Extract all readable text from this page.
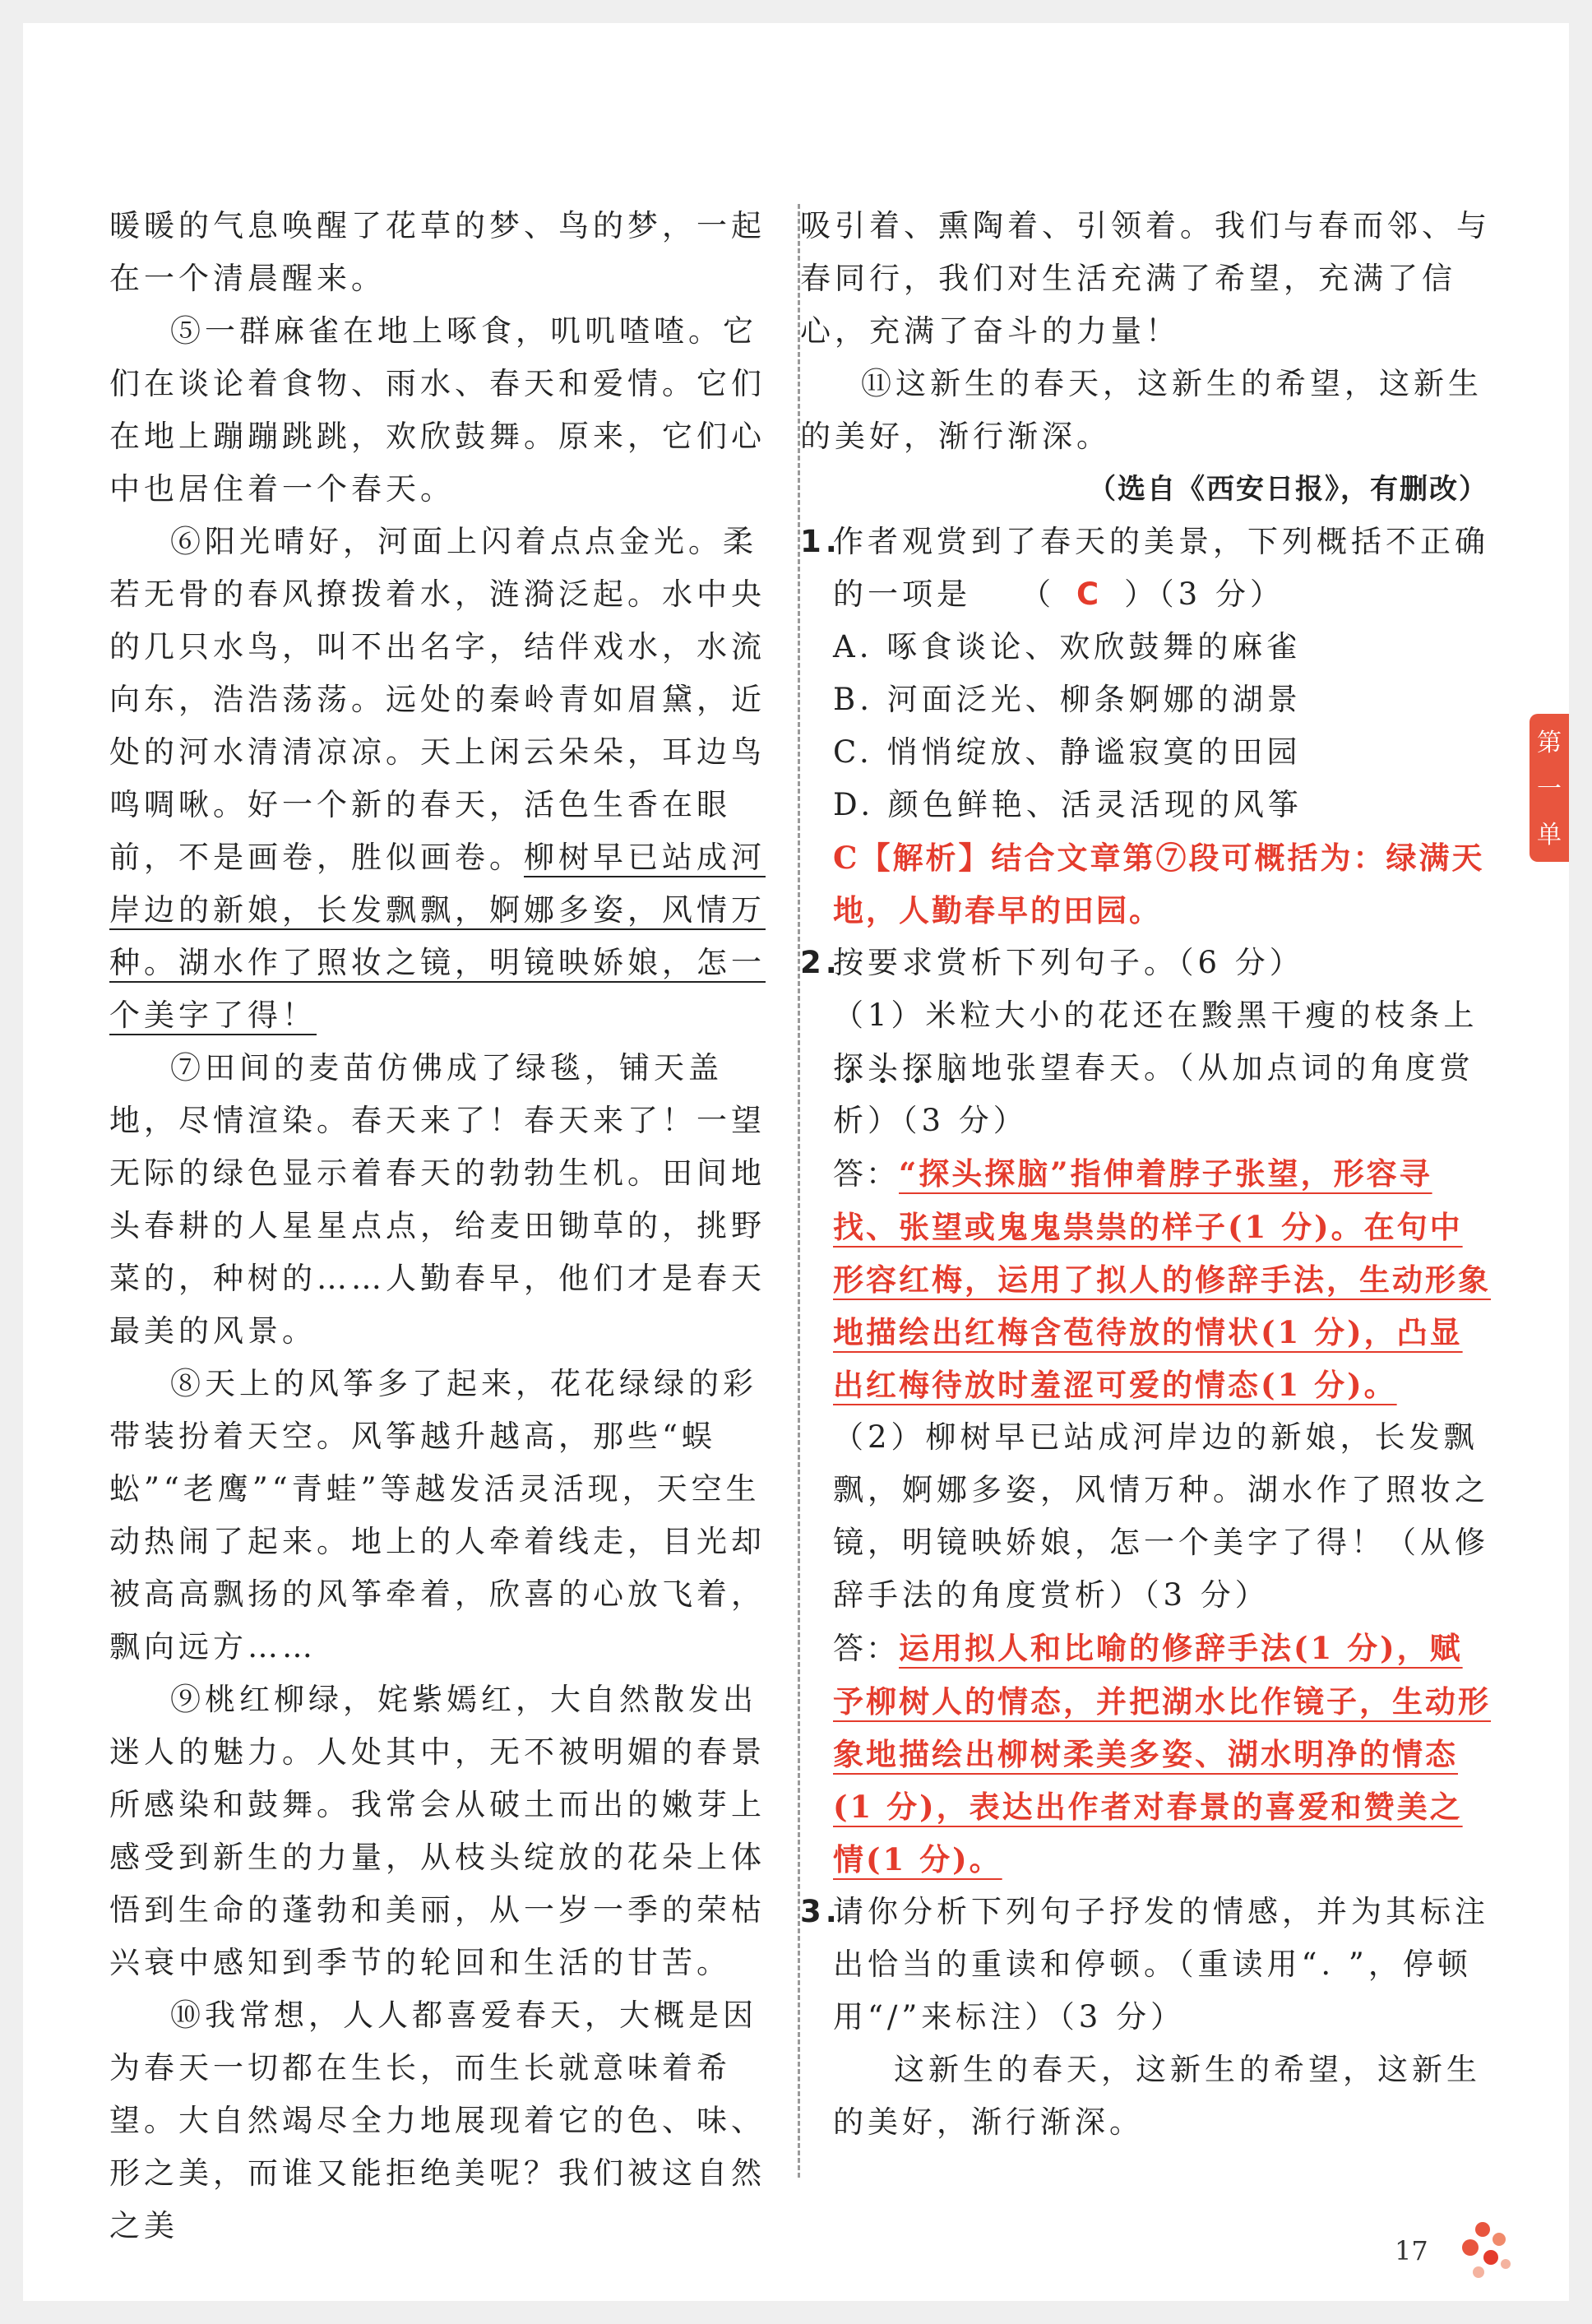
暖暖的气息唤醒了花草的梦、鸟的梦，一起在一个清晨醒来。

⑤一群麻雀在地上啄食，叽叽喳喳。它们在谈论着食物、雨水、春天和爱情。它们在地上蹦蹦跳跳，欢欣鼓舞。原来，它们心中也居住着一个春天。

⑥阳光晴好，河面上闪着点点金光。柔若无骨的春风撩拨着水，涟漪泛起。水中央的几只水鸟，叫不出名字，结伴戏水，水流向东，浩浩荡荡。远处的秦岭青如眉黛，近处的河水清清凉凉。天上闲云朵朵，耳边鸟鸣啁啾。好一个新的春天，活色生香在眼前，不是画卷，胜似画卷。柳树早已站成河岸边的新娘，长发飘飘，婀娜多姿，风情万种。湖水作了照妆之镜，明镜映娇娘，怎一个美字了得！

⑦田间的麦苗仿佛成了绿毯，铺天盖地，尽情渲染。春天来了！春天来了！一望无际的绿色显示着春天的勃勃生机。田间地头春耕的人星星点点，给麦田锄草的，挑野菜的，种树的……人勤春早，他们才是春天最美的风景。

⑧天上的风筝多了起来，花花绿绿的彩带装扮着天空。风筝越升越高，那些“蜈蚣”“老鹰”“青蛙”等越发活灵活现，天空生动热闹了起来。地上的人牵着线走，目光却被高高飘扬的风筝牵着，欣喜的心放飞着，飘向远方……

⑨桃红柳绿，姹紫嫣红，大自然散发出迷人的魅力。人处其中，无不被明媚的春景所感染和鼓舞。我常会从破土而出的嫩芽上感受到新生的力量，从枝头绽放的花朵上体悟到生命的蓬勃和美丽，从一岁一季的荣枯兴衰中感知到季节的轮回和生活的甘苦。

⑩我常想，人人都喜爱春天，大概是因为春天一切都在生长，而生长就意味着希望。大自然竭尽全力地展现着它的色、味、形之美，而谁又能拒绝美呢？我们被这自然之美

吸引着、熏陶着、引领着。我们与春而邻、与春同行，我们对生活充满了希望，充满了信心，充满了奋斗的力量！

⑪这新生的春天，这新生的希望，这新生的美好，渐行渐深。

（选自《西安日报》，有删改）

1.

作者观赏到了春天的美景，下列概括不正确的一项是 （ C ）（3 分）

A. 啄食谈论、欢欣鼓舞的麻雀

B. 河面泛光、柳条婀娜的湖景

C. 悄悄绽放、静谧寂寞的田园

D. 颜色鲜艳、活灵活现的风筝

C【解析】结合文章第⑦段可概括为：绿满天地，人勤春早的田园。

2.

按要求赏析下列句子。（6 分）

（1）米粒大小的花还在黢黑干瘦的枝条上探头探脑地张望春天。（从加点词的角度赏析）（3 分）

答：“探头探脑”指伸着脖子张望，形容寻找、张望或鬼鬼祟祟的样子(1 分)。在句中形容红梅，运用了拟人的修辞手法，生动形象地描绘出红梅含苞待放的情状(1 分)，凸显出红梅待放时羞涩可爱的情态(1 分)。

（2）柳树早已站成河岸边的新娘，长发飘飘，婀娜多姿，风情万种。湖水作了照妆之镜，明镜映娇娘，怎一个美字了得！（从修辞手法的角度赏析）（3 分）

答：运用拟人和比喻的修辞手法(1 分)，赋予柳树人的情态，并把湖水比作镜子，生动形象地描绘出柳树柔美多姿、湖水明净的情态(1 分)，表达出作者对春景的喜爱和赞美之情(1 分)。

3.

请你分析下列句子抒发的情感，并为其标注出恰当的重读和停顿。（重读用“. ”，停顿用“/”来标注）（3 分）

这新生的春天，这新生的希望，这新生的美好，渐行渐深。

第一单元
17
